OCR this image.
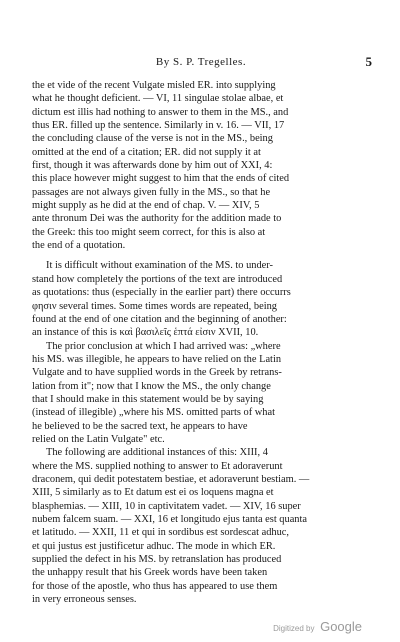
By S. P. Tregelles.	5
the et vide of the recent Vulgate misled ER. into supplying
what he thought deficient. — VI, 11 singulae stolae albae, et
dictum est illis had nothing to answer to them in the MS., and
thus ER. filled up the sentence. Similarly in v. 16. — VII, 17
the concluding clause of the verse is not in the MS., being
omitted at the end of a citation; ER. did not supply it at
first, though it was afterwards done by him out of XXI, 4:
this place however might suggest to him that the ends of cited
passages are not always given fully in the MS., so that he
might supply as he did at the end of chap. V. — XIV, 5
ante thronum Dei was the authority for the addition made to
the Greek: this too might seem correct, for this is also at
the end of a quotation.
It is difficult without examination of the MS. to under-
stand how completely the portions of the text are introduced
as quotations: thus (especially in the earlier part) there occurrs
φησιν several times. Some times words are repeated, being
found at the end of one citation and the beginning of another:
an instance of this is καὶ βασιλεῖς ἑπτά εἰσιν XVII, 10.
The prior conclusion at which I had arrived was: „where
his MS. was illegible, he appears to have relied on the Latin
Vulgate and to have supplied words in the Greek by retrans-
lation from it"; now that I know the MS., the only change
that I should make in this statement would be by saying
(instead of illegible) „where his MS. omitted parts of what
he believed to be the sacred text, he appears to have
relied on the Latin Vulgate" etc.
The following are additional instances of this: XIII, 4
where the MS. supplied nothing to answer to Et adoraverunt
draconem, qui dedit potestatem bestiae, et adoraverunt bestiam. —
XIII, 5 similarly as to Et datum est ei os loquens magna et
blasphemias. — XIII, 10 in captivitatem vadet. — XIV, 16 super
nubem falcem suam. — XXI, 16 et longitudo ejus tanta est quanta
et latitudo. — XXII, 11 et qui in sordibus est sordescat adhuc,
et qui justus est justificetur adhuc. The mode in which ER.
supplied the defect in his MS. by retranslation has produced
the unhappy result that his Greek words have been taken
for those of the apostle, who thus has appeared to use them
in very erroneous senses.
Digitized by Google
